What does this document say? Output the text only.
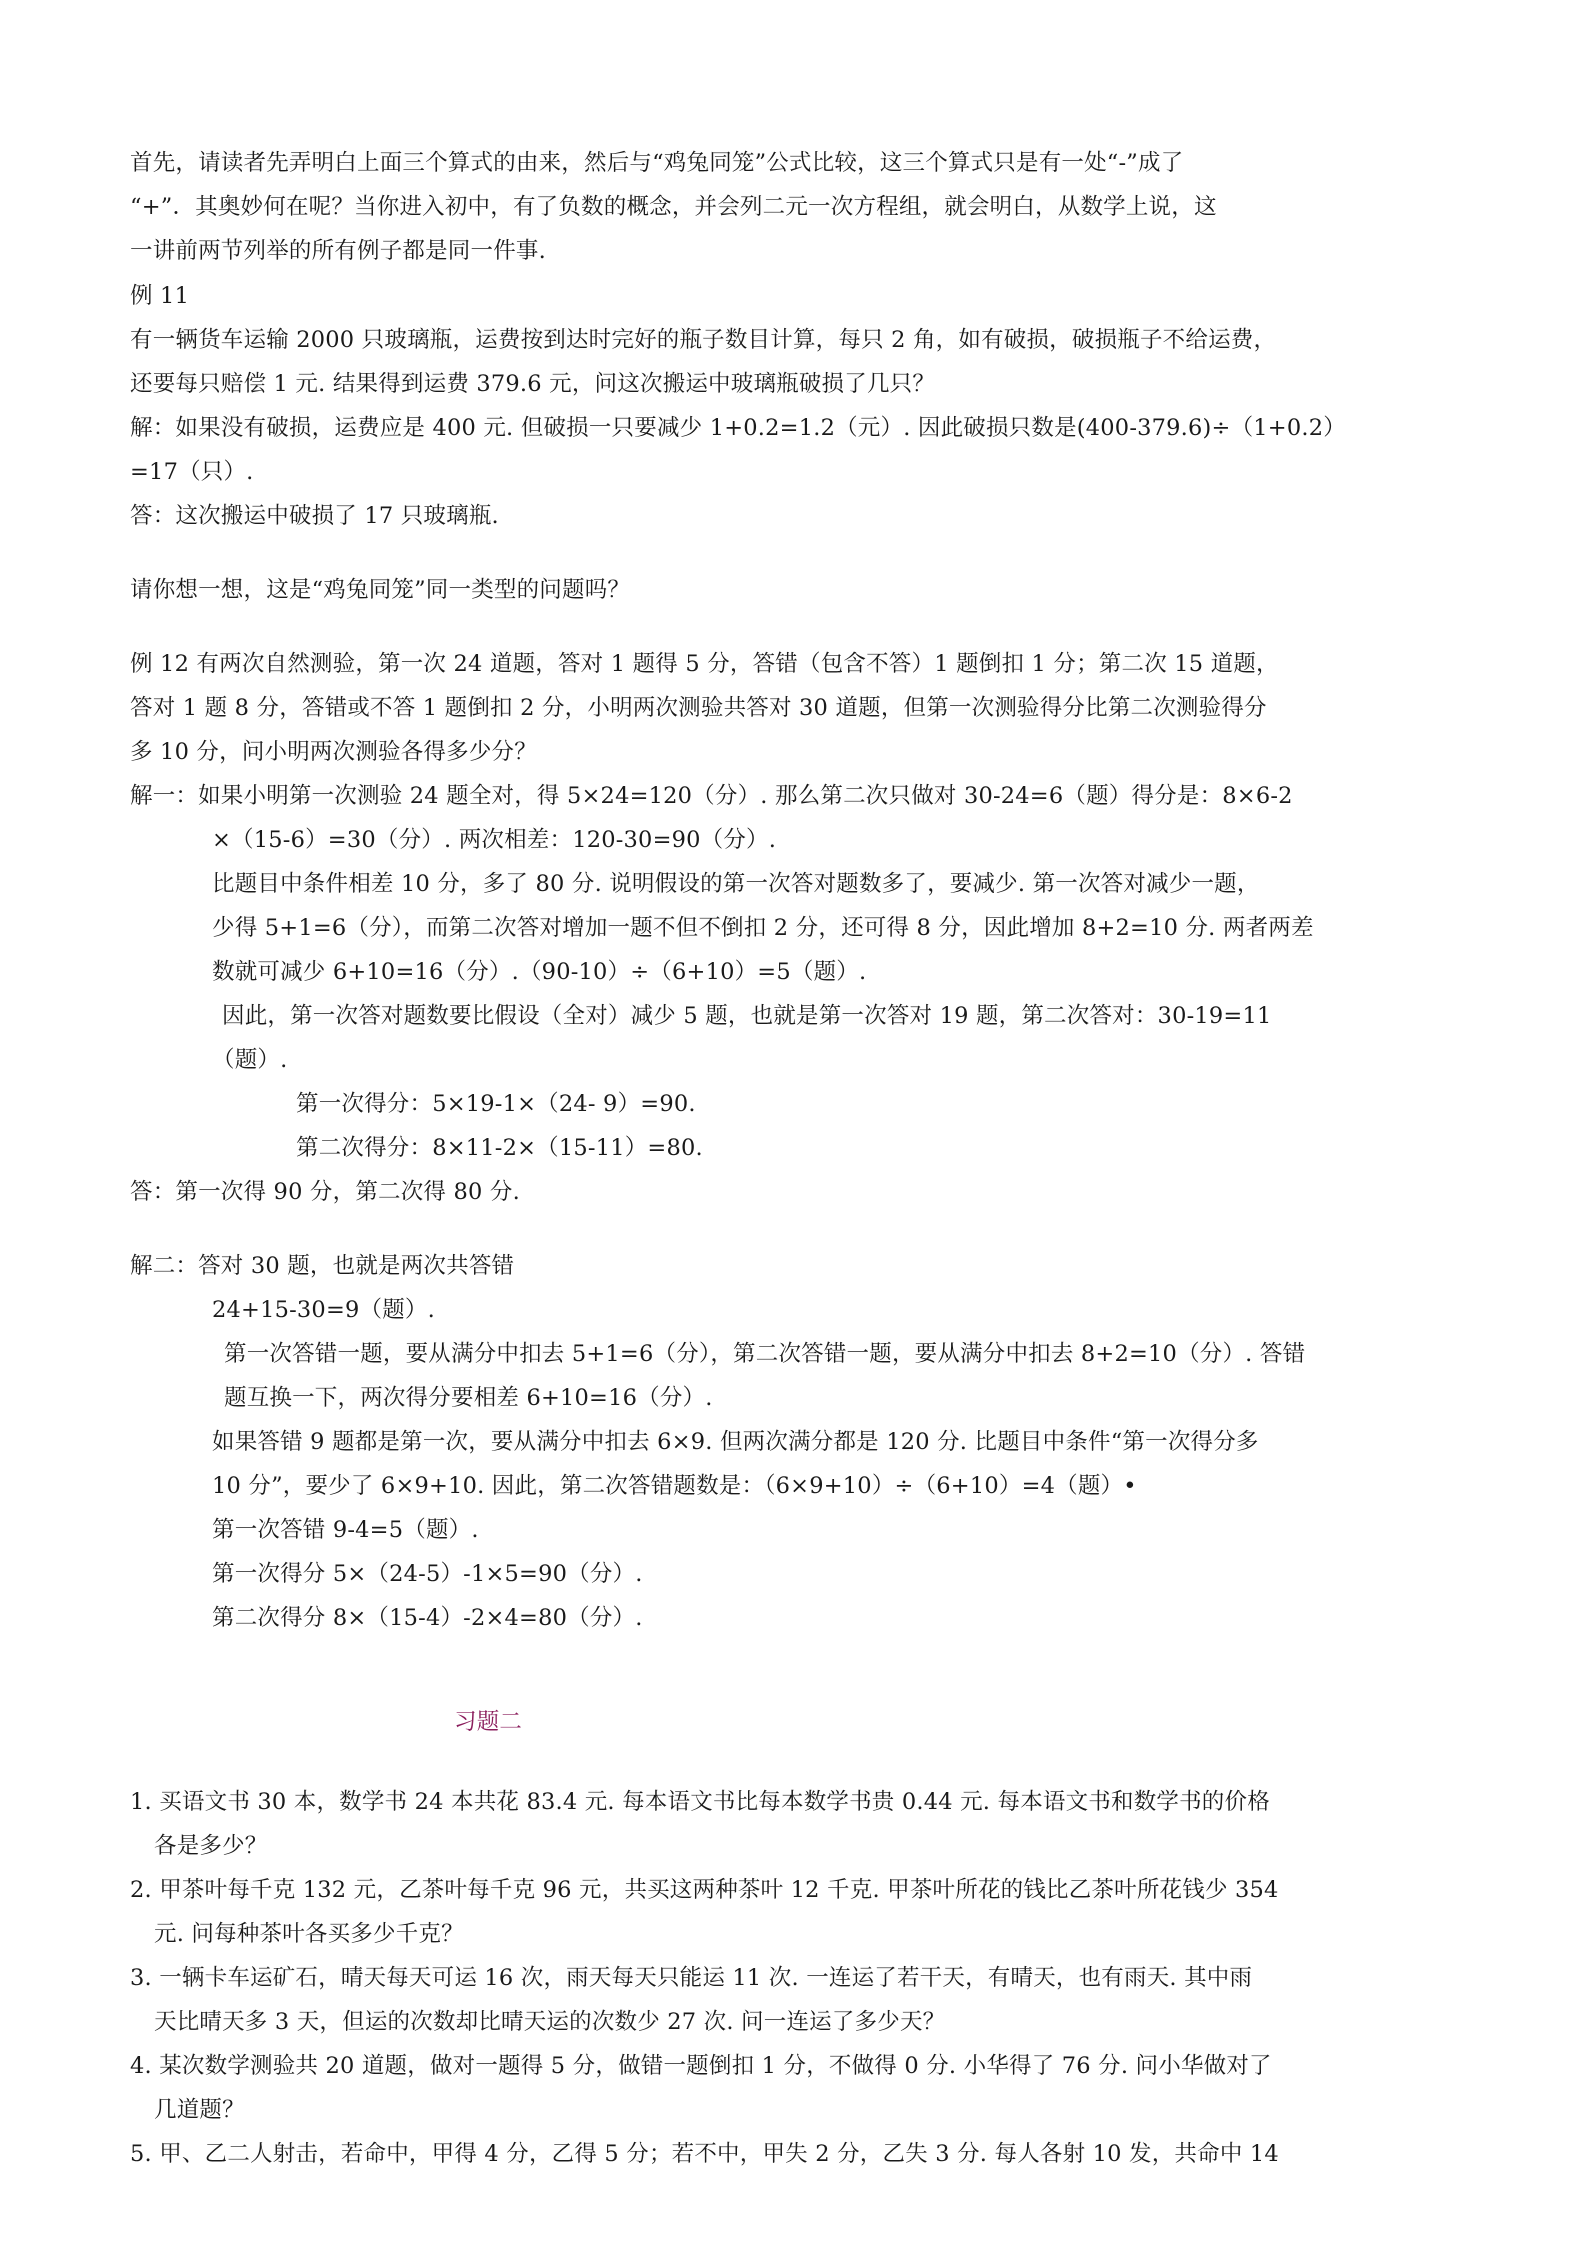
首先，请读者先弄明白上面三个算式的由来，然后与“鸡兔同笼”公式比较，这三个算式只是有一处“-”成了

“+”．其奥妙何在呢？当你进入初中，有了负数的概念，并会列二元一次方程组，就会明白，从数学上说，这

一讲前两节列举的所有例子都是同一件事.

例 11

有一辆货车运输 2000 只玻璃瓶，运费按到达时完好的瓶子数目计算，每只 2 角，如有破损，破损瓶子不给运费，

还要每只赔偿 1 元. 结果得到运费 379.6 元，问这次搬运中玻璃瓶破损了几只？

解：如果没有破损，运费应是 400 元. 但破损一只要减少 1+0.2=1.2（元）. 因此破损只数是(400-379.6)÷（1+0.2）

=17（只）.

答：这次搬运中破损了 17 只玻璃瓶.

请你想一想，这是“鸡兔同笼”同一类型的问题吗？

例 12 有两次自然测验，第一次 24 道题，答对 1 题得 5 分，答错（包含不答）1 题倒扣 1 分；第二次 15 道题，

答对 1 题 8 分，答错或不答 1 题倒扣 2 分，小明两次测验共答对 30 道题，但第一次测验得分比第二次测验得分

多 10 分，问小明两次测验各得多少分？

解一：如果小明第一次测验 24 题全对，得 5×24=120（分）. 那么第二次只做对 30-24=6（题）得分是：8×6-2

×（15-6）=30（分）. 两次相差：120-30=90（分）.

比题目中条件相差 10 分，多了 80 分. 说明假设的第一次答对题数多了，要减少. 第一次答对减少一题，

少得 5+1=6（分），而第二次答对增加一题不但不倒扣 2 分，还可得 8 分，因此增加 8+2=10 分. 两者两差

数就可减少 6+10=16（分）.（90-10）÷（6+10）=5（题）.

因此，第一次答对题数要比假设（全对）减少 5 题，也就是第一次答对 19 题，第二次答对：30-19=11

（题）.

第一次得分：5×19-1×（24- 9）=90.

第二次得分：8×11-2×（15-11）=80.

答：第一次得 90 分，第二次得 80 分.

解二：答对 30 题，也就是两次共答错

24+15-30=9（题）.

第一次答错一题，要从满分中扣去 5+1=6（分），第二次答错一题，要从满分中扣去 8+2=10（分）. 答错

题互换一下，两次得分要相差 6+10=16（分）.

如果答错 9 题都是第一次，要从满分中扣去 6×9. 但两次满分都是 120 分. 比题目中条件“第一次得分多

10 分”，要少了 6×9+10. 因此，第二次答错题数是：（6×9+10）÷（6+10）=4（题）•

第一次答错 9-4=5（题）.

第一次得分 5×（24-5）-1×5=90（分）.

第二次得分 8×（15-4）-2×4=80（分）.

习题二

1. 买语文书 30 本，数学书 24 本共花 83.4 元. 每本语文书比每本数学书贵 0.44 元. 每本语文书和数学书的价格

各是多少？

2. 甲茶叶每千克 132 元，乙茶叶每千克 96 元，共买这两种茶叶 12 千克. 甲茶叶所花的钱比乙茶叶所花钱少 354

元. 问每种茶叶各买多少千克？

3. 一辆卡车运矿石，晴天每天可运 16 次，雨天每天只能运 11 次. 一连运了若干天，有晴天，也有雨天. 其中雨

天比晴天多 3 天，但运的次数却比晴天运的次数少 27 次. 问一连运了多少天？

4. 某次数学测验共 20 道题，做对一题得 5 分，做错一题倒扣 1 分，不做得 0 分. 小华得了 76 分. 问小华做对了

几道题？

5. 甲、乙二人射击，若命中，甲得 4 分，乙得 5 分；若不中，甲失 2 分，乙失 3 分. 每人各射 10 发，共命中 14
